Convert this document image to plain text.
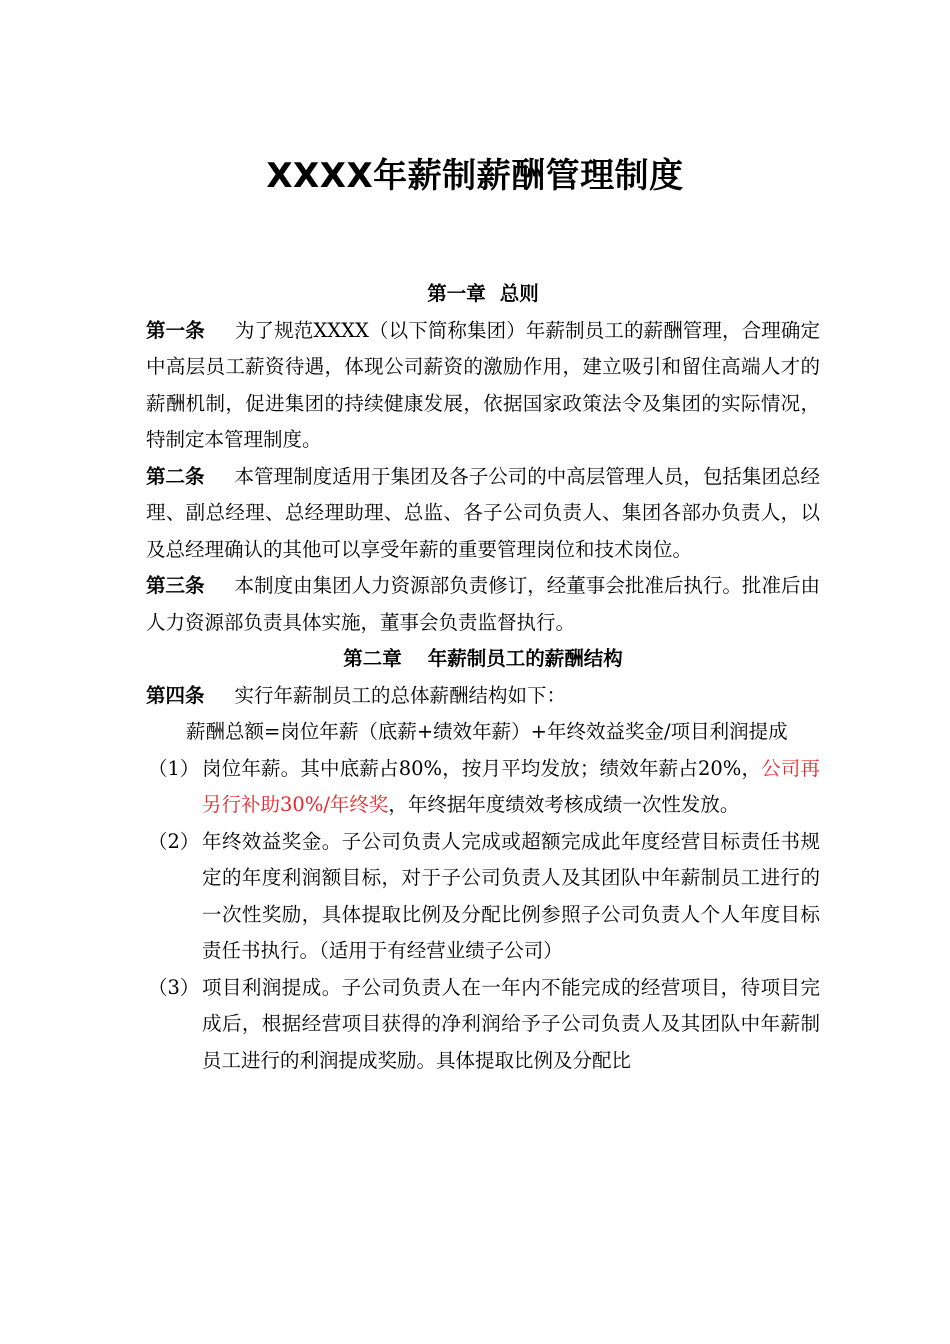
XXXX年薪制薪酬管理制度

第一章 总则

第一条 为了规范XXXX（以下简称集团）年薪制员工的薪酬管理，合理确定中高层员工薪资待遇，体现公司薪资的激励作用，建立吸引和留住高端人才的薪酬机制，促进集团的持续健康发展，依据国家政策法令及集团的实际情况，特制定本管理制度。

第二条 本管理制度适用于集团及各子公司的中高层管理人员，包括集团总经理、副总经理、总经理助理、总监、各子公司负责人、集团各部办负责人，以及总经理确认的其他可以享受年薪的重要管理岗位和技术岗位。

第三条 本制度由集团人力资源部负责修订，经董事会批准后执行。批准后由人力资源部负责具体实施，董事会负责监督执行。

第二章 年薪制员工的薪酬结构

第四条 实行年薪制员工的总体薪酬结构如下：

薪酬总额=岗位年薪（底薪+绩效年薪）+年终效益奖金/项目利润提成

（1） 岗位年薪。其中底薪占80%，按月平均发放；绩效年薪占20%，公司再另行补助30%/年终奖，年终据年度绩效考核成绩一次性发放。
（2） 年终效益奖金。子公司负责人完成或超额完成此年度经营目标责任书规定的年度利润额目标，对于子公司负责人及其团队中年薪制员工进行的一次性奖励，具体提取比例及分配比例参照子公司负责人个人年度目标责任书执行。（适用于有经营业绩子公司）
（3） 项目利润提成。子公司负责人在一年内不能完成的经营项目，待项目完成后，根据经营项目获得的净利润给予子公司负责人及其团队中年薪制员工进行的利润提成奖励。具体提取比例及分配比
